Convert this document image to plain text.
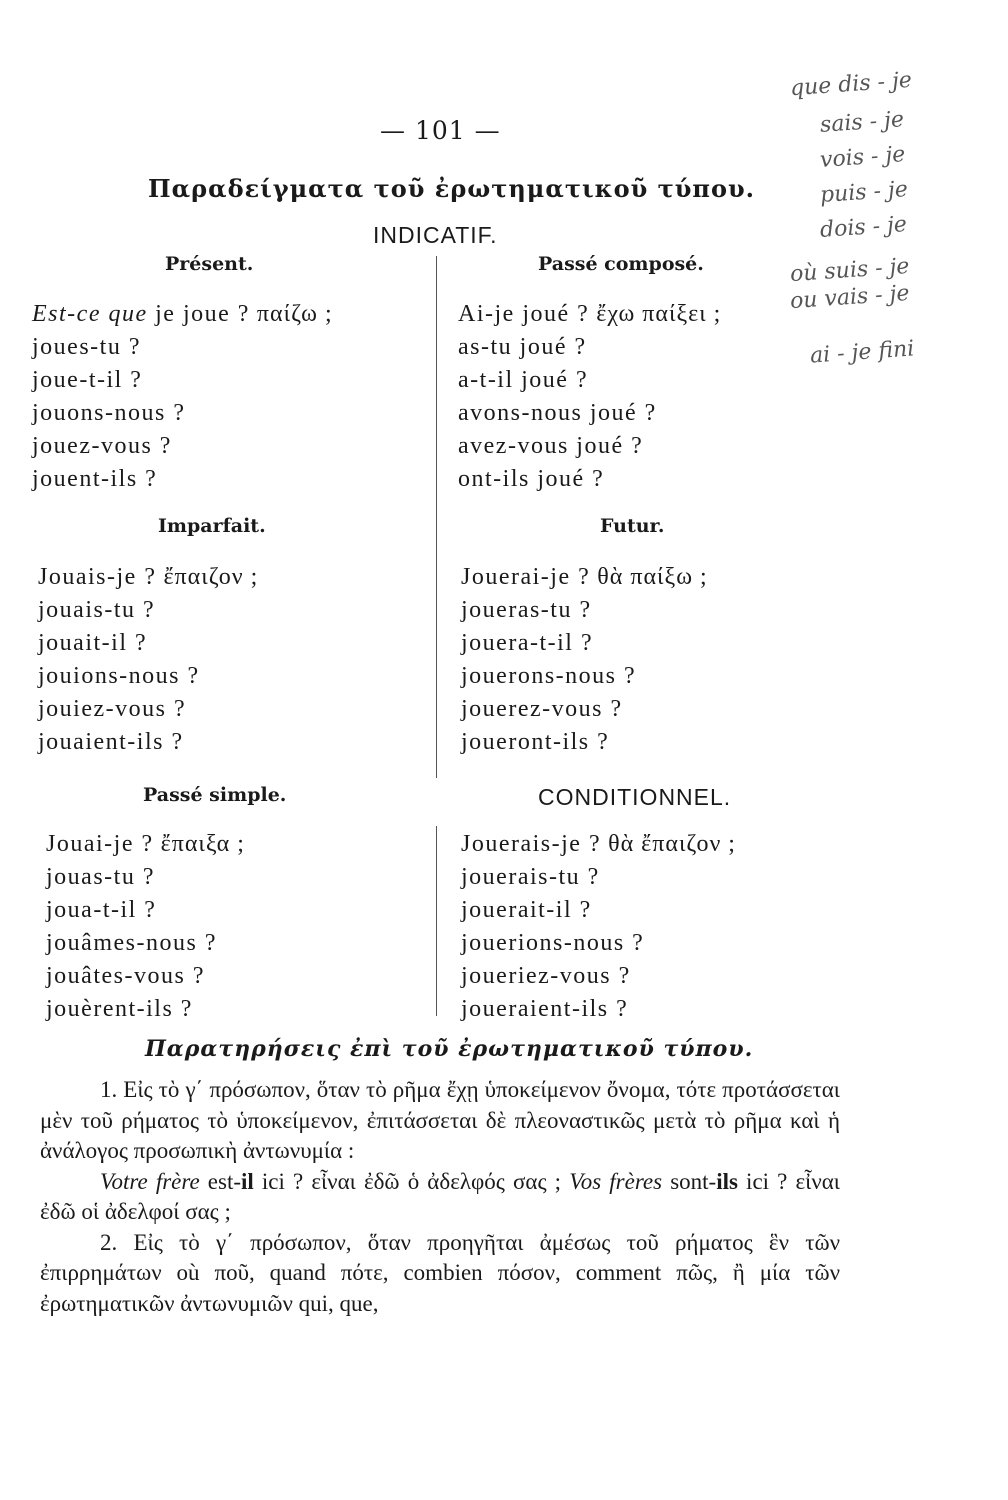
— 101 —
Παραδείγματα τοῦ ἐρωτηματικοῦ τύπου.
INDICATIF.
Présent.
Est-ce que je joue ? παίζω ;
joues-tu ?
joue-t-il ?
jouons-nous ?
jouez-vous ?
jouent-ils ?
Passé composé.
Ai-je joué ? ἔχω παίξει ;
as-tu joué ?
a-t-il joué ?
avons-nous joué ?
avez-vous joué ?
ont-ils joué ?
Imparfait.
Jouais-je ? ἔπαιζον ;
jouais-tu ?
jouait-il ?
jouions-nous ?
jouiez-vous ?
jouaient-ils ?
Futur.
Jouerai-je ? θὰ παίξω ;
joueras-tu ?
jouera-t-il ?
jouerons-nous ?
jouerez-vous ?
joueront-ils ?
Passé simple.	CONDITIONNEL.
Jouai-je ? ἔπαιξα ;
jouas-tu ?
joua-t-il ?
jouâmes-nous ?
jouâtes-vous ?
jouèrent-ils ?
Jouerais-je ? θὰ ἔπαιζον ;
jouerais-tu ?
jouerait-il ?
jouerions-nous ?
joueriez-vous ?
joueraient-ils ?
Παρατηρήσεις ἐπὶ τοῦ ἐρωτηματικοῦ τύπου.

1. Εἰς τὸ γ΄ πρόσωπον, ὅταν τὸ ρῆμα ἔχῃ ὑποκείμενον ὄνομα, τότε προτάσσεται μὲν τοῦ ρήματος τὸ ὑποκείμενον, ἐπιτάσσεται δὲ πλεοναστικῶς μετὰ τὸ ρῆμα καὶ ἡ ἀνάλογος προσωπικὴ ἀντωνυμία :

Votre frère est-il ici ? εἶναι ἐδῶ ὁ ἀδελφός σας ; Vos frères sont-ils ici ? εἶναι ἐδῶ οἱ ἀδελφοί σας ;

2. Εἰς τὸ γ΄ πρόσωπον, ὅταν προηγῆται ἀμέσως τοῦ ρήματος ἓν τῶν ἐπιρρημάτων où ποῦ, quand πότε, combien πόσον, comment πῶς, ἢ μία τῶν ἐρωτηματικῶν ἀντωνυμιῶν qui, que,

que dis - je
sais - je
vois - je
puis - je
dois - je
où suis - je
ou vais - je
ai - je fini
